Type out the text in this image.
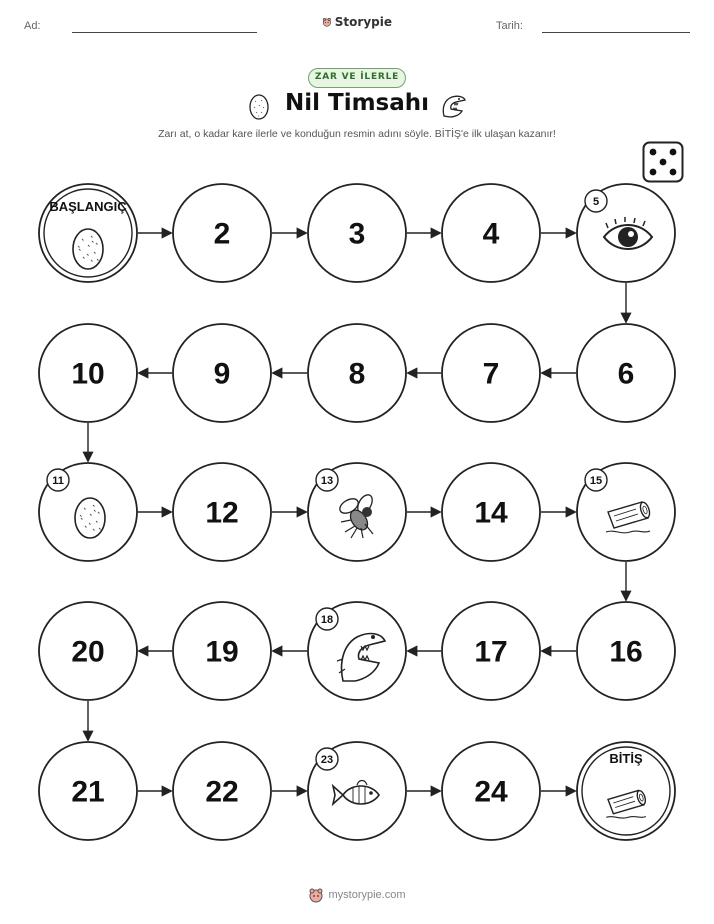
Ad:	Storypie	Tarih:
ZAR VE İLERLE
Nil Timsahı
Zarı at, o kadar kare ilerle ve konduğun resmin adını söyle. BİTİŞ'e ilk ulaşan kazanır!
BAŞLANGIÇ
2	3	4
5
6
7
8
9
10
11
12
13
14
15
16
17
18
19
20
21	22
23
24
BİTİŞ
mystorypie.com
